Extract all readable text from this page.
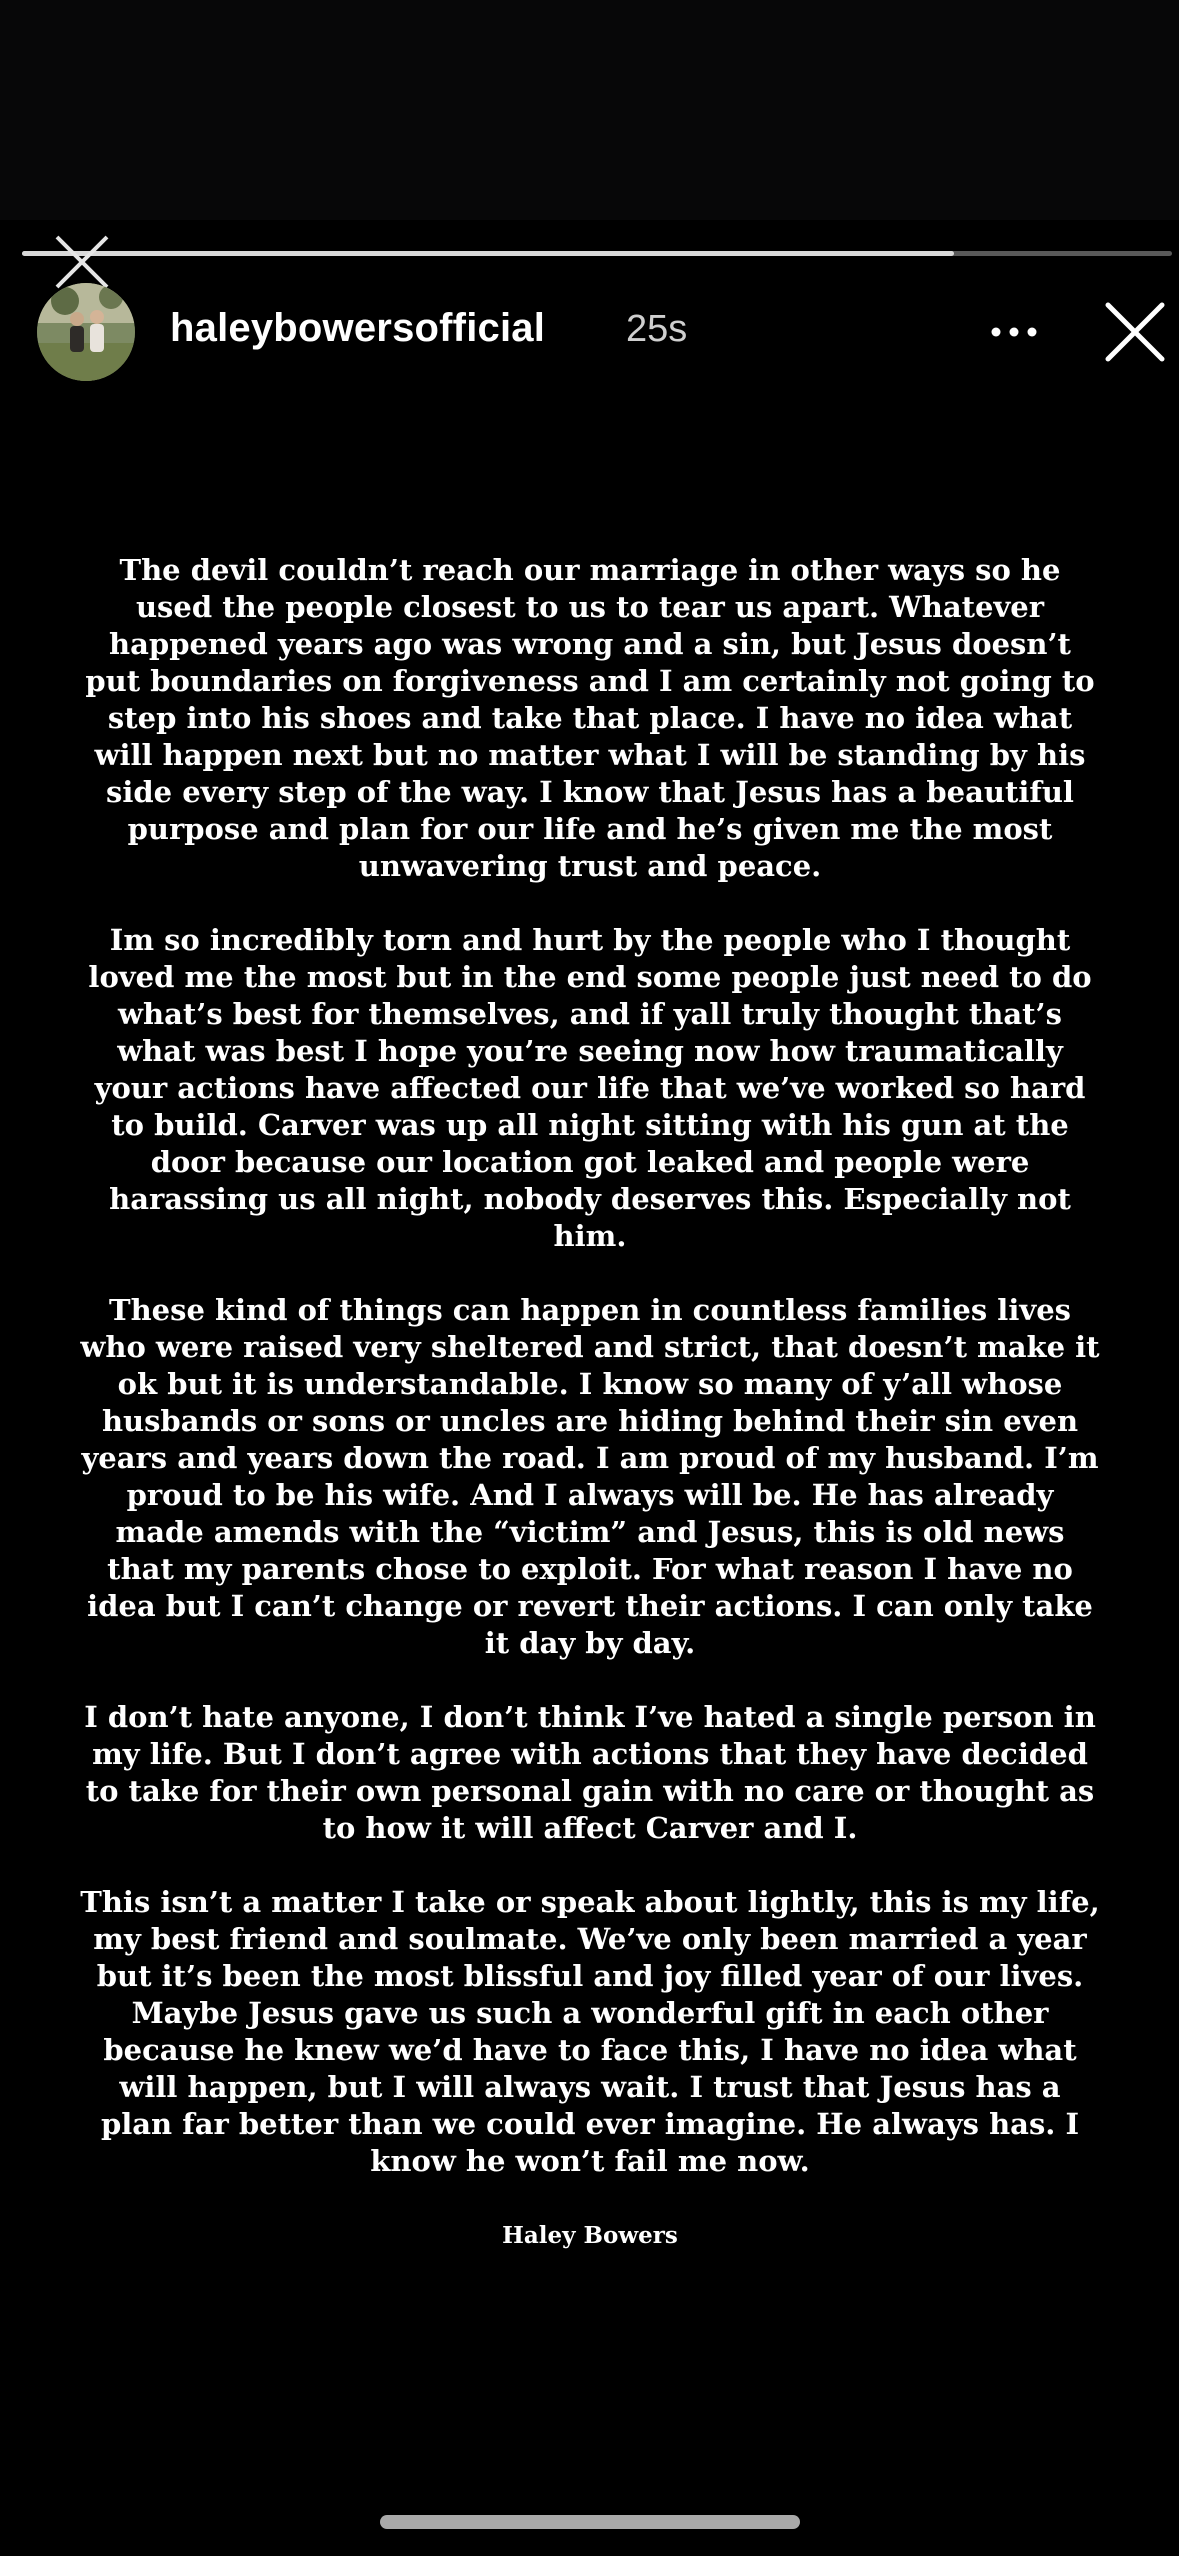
haleybowersofficial 25s

The devil couldn’t reach our marriage in other ways so he used the people closest to us to tear us apart. Whatever happened years ago was wrong and a sin, but Jesus doesn’t put boundaries on forgiveness and I am certainly not going to step into his shoes and take that place. I have no idea what will happen next but no matter what I will be standing by his side every step of the way. I know that Jesus has a beautiful purpose and plan for our life and he’s given me the most unwavering trust and peace.

Im so incredibly torn and hurt by the people who I thought loved me the most but in the end some people just need to do what’s best for themselves, and if yall truly thought that’s what was best I hope you’re seeing now how traumatically your actions have affected our life that we’ve worked so hard to build. Carver was up all night sitting with his gun at the door because our location got leaked and people were harassing us all night, nobody deserves this. Especially not him.

These kind of things can happen in countless families lives who were raised very sheltered and strict, that doesn’t make it ok but it is understandable. I know so many of y’all whose husbands or sons or uncles are hiding behind their sin even years and years down the road. I am proud of my husband. I’m proud to be his wife. And I always will be. He has already made amends with the “victim” and Jesus, this is old news that my parents chose to exploit. For what reason I have no idea but I can’t change or revert their actions. I can only take it day by day.

I don’t hate anyone, I don’t think I’ve hated a single person in my life. But I don’t agree with actions that they have decided to take for their own personal gain with no care or thought as to how it will affect Carver and I.

This isn’t a matter I take or speak about lightly, this is my life, my best friend and soulmate. We’ve only been married a year but it’s been the most blissful and joy filled year of our lives. Maybe Jesus gave us such a wonderful gift in each other because he knew we’d have to face this, I have no idea what will happen, but I will always wait. I trust that Jesus has a plan far better than we could ever imagine. He always has. I know he won’t fail me now.

Haley Bowers
